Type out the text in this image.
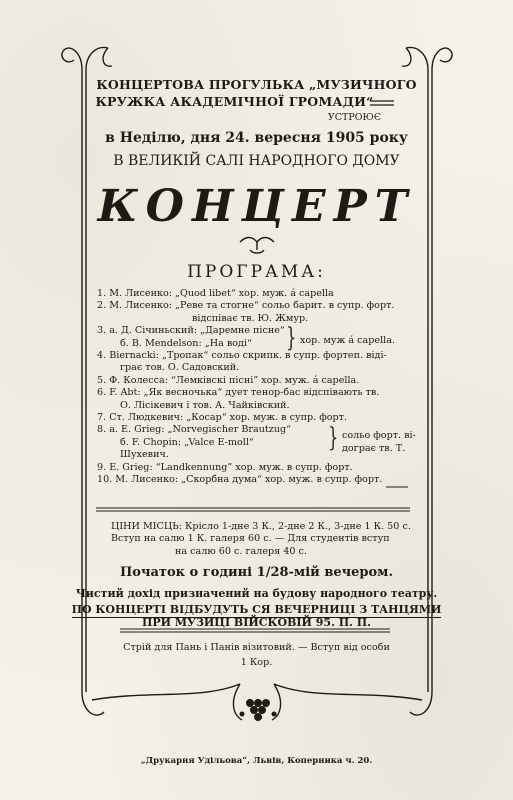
КОНЦЕРТОВА ПРОГУЛЬКА „МУЗИЧНОГО
КРУЖКА АКАДЕМІЧНОЇ ГРОМАДИ“
УСТРОЮЄ
в Неділю, дня 24. вересня 1905 року
В ВЕЛИКІЙ САЛІ НАРОДНОГО ДОМУ
КОНЦЕРТ
ПРОГРАМА:
1. М. Лисенко: „Quod libet“ хор. муж. á capella
2. М. Лисенко: „Реве та стогне“ сольо барит. в супр. форт.
відспіває тв. Ю. Жмур.
3. а. Д. Січиньский: „Даремне пісне“
б. В. Mendelson: „На воді“
4. Biernacki: „Тропак“ сольо скрипк. в супр. фортеп. віді-
грає тов. О. Садовский.
5. Ф. Колесса: “Лемківскі пісні” хор. муж. á capella.
6. F. Abt: „Як весночька“ дует тенор-бас відспівають тв.
О. Лісікевич і тов. А. Чайківский.
7. Ст. Людкевич: „Косар“ хор. муж. в супр. форт.
8. а. E. Grieg: „Norvegischer Brautzug“
б. F. Chopin: „Valce E-moll“
Шухевич.
9. E. Grieg: “Landkennung” хор. муж. в супр. форт.
10. М. Лисенко: „Скорбна дума“ хор. муж. в супр. форт.
} хор. муж á capella.
} сольо форт. ві-
дограє тв. Т.
ЦІНИ МІСЦЬ: Крісло 1-дне 3 К., 2-дне 2 К., 3-дне 1 К. 50 с.
Вступ на салю 1 К. галеря 60 с. — Для студентів вступ
на салю 60 с. галеря 40 с.
Початок о годині 1/28-мій вечером.
Чистий дохід призначений на будову народного театру.
ПО КОНЦЕРТІ ВІДБУДУТЬ СЯ ВЕЧЕРНИЦІ З ТАНЦЯМИ
ПРИ МУЗИЦІ ВІЙСКОВІЙ 95. П. П.
Стрій для Пань і Панів візитовий. — Вступ від особи
1 Кор.
„Друкарня Удільова“, Львів, Коперника ч. 20.
